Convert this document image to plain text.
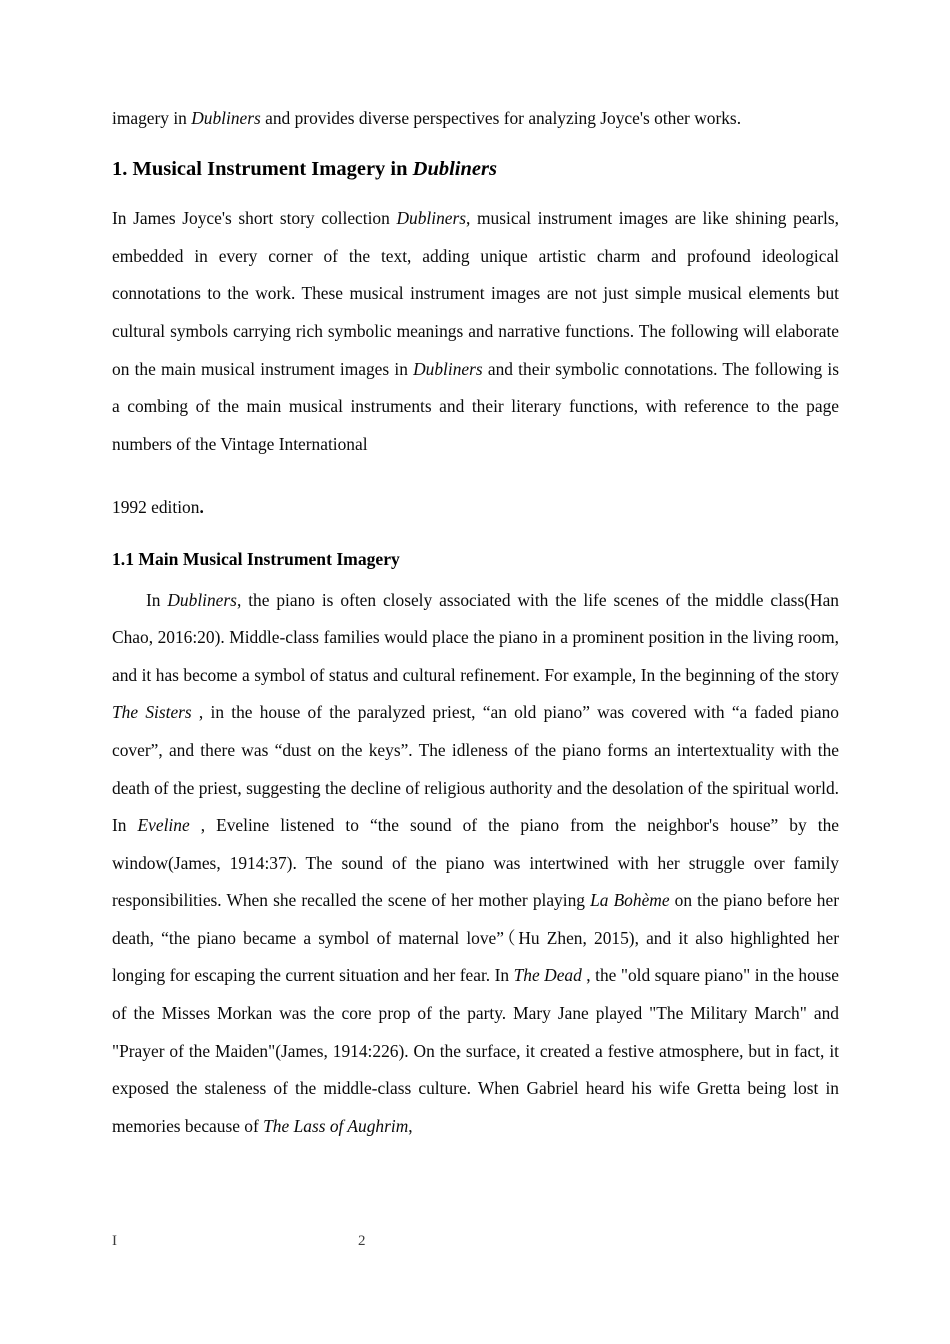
imagery in Dubliners and provides diverse perspectives for analyzing Joyce's other works.

1. Musical Instrument Imagery in Dubliners

In James Joyce's short story collection Dubliners, musical instrument images are like shining pearls, embedded in every corner of the text, adding unique artistic charm and profound ideological connotations to the work. These musical instrument images are not just simple musical elements but cultural symbols carrying rich symbolic meanings and narrative functions. The following will elaborate on the main musical instrument images in Dubliners and their symbolic connotations. The following is a combing of the main musical instruments and their literary functions, with reference to the page numbers of the Vintage International

1992 edition.

1.1 Main Musical Instrument Imagery

In Dubliners, the piano is often closely associated with the life scenes of the middle class(Han Chao, 2016:20). Middle-class families would place the piano in a prominent position in the living room, and it has become a symbol of status and cultural refinement. For example, In the beginning of the story The Sisters , in the house of the paralyzed priest, “an old piano” was covered with “a faded piano cover”, and there was “dust on the keys”. The idleness of the piano forms an intertextuality with the death of the priest, suggesting the decline of religious authority and the desolation of the spiritual world. In Eveline , Eveline listened to “the sound of the piano from the neighbor's house” by the window(James, 1914:37). The sound of the piano was intertwined with her struggle over family responsibilities. When she recalled the scene of her mother playing La Bohème on the piano before her death, “the piano became a symbol of maternal love”（Hu Zhen, 2015), and it also highlighted her longing for escaping the current situation and her fear. In The Dead , the "old square piano" in the house of the Misses Morkan was the core prop of the party. Mary Jane played "The Military March" and "Prayer of the Maiden"(James, 1914:226). On the surface, it created a festive atmosphere, but in fact, it exposed the staleness of the middle-class culture. When Gabriel heard his wife Gretta being lost in memories because of The Lass of Aughrim,

I	2
